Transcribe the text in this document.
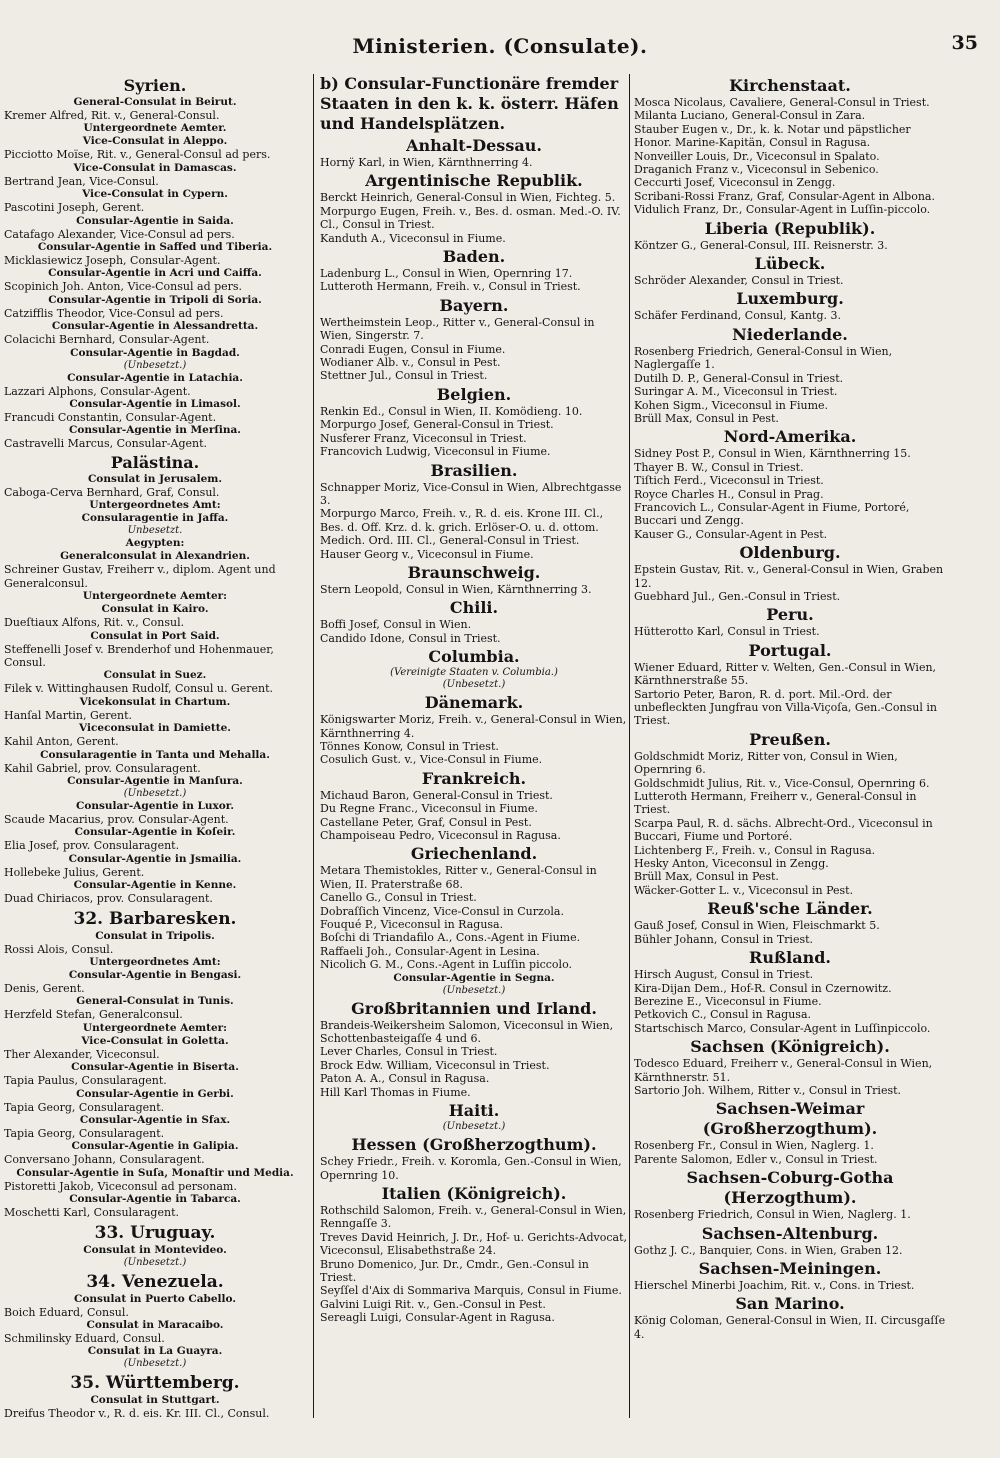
Ministerien. (Consulate).	35
Syrien.
General-Consulat in Beirut.
Kremer Alfred, Rit. v., General-Consul.
Untergeordnete Aemter.
Vice-Consulat in Aleppo.
Picciotto Moïse, Rit. v., General-Consul ad pers.
Vice-Consulat in Damascas.
Bertrand Jean, Vice-Consul.
Vice-Consulat in Cypern.
Pascotini Joseph, Gerent.
Consular-Agentie in Saida.
Catafago Alexander, Vice-Consul ad pers.
Consular-Agentie in Saffed und Tiberia.
Micklasiewicz Joseph, Consular-Agent.
Consular-Agentie in Acri und Caiffa.
Scopinich Joh. Anton, Vice-Consul ad pers.
Consular-Agentie in Tripoli di Soria.
Catzifflis Theodor, Vice-Consul ad pers.
Consular-Agentie in Alessandretta.
Colacichi Bernhard, Consular-Agent.
Consular-Agentie in Bagdad.
(Unbesetzt.)
Consular-Agentie in Latachia.
Lazzari Alphons, Consular-Agent.
Consular-Agentie in Limasol.
Francudi Constantin, Consular-Agent.
Consular-Agentie in Merſina.
Castravelli Marcus, Consular-Agent.
Palästina.
Consulat in Jerusalem.
Caboga-Cerva Bernhard, Graf, Consul.
Untergeordnetes Amt:
Consularagentie in Jaffa.
Unbesetzt.
Aegypten:
Generalconsulat in Alexandrien.
Schreiner Gustav, Freiherr v., diplom. Agent und Generalconsul.
Untergeordnete Aemter:
Consulat in Kairo.
Dueſtiaux Alfons, Rit. v., Consul.
Consulat in Port Said.
Steffenelli Josef v. Brenderhof und Hohenmauer, Consul.
Consulat in Suez.
Filek v. Wittinghausen Rudolf, Consul u. Gerent.
Vicekonsulat in Chartum.
Hanſal Martin, Gerent.
Viceconsulat in Damiette.
Kahil Anton, Gerent.
Consularagentie in Tanta und Mehalla.
Kahil Gabriel, prov. Consularagent.
Consular-Agentie in Manſura.
(Unbesetzt.)
Consular-Agentie in Luxor.
Scaude Macarius, prov. Consular-Agent.
Consular-Agentie in Koſeir.
Elia Josef, prov. Consularagent.
Consular-Agentie in Jsmailia.
Hollebeke Julius, Gerent.
Consular-Agentie in Kenne.
Duad Chiriacos, prov. Consularagent.
32. Barbaresken.
Consulat in Tripolis.
Rossi Alois, Consul.
Untergeordnetes Amt:
Consular-Agentie in Bengasi.
Denis, Gerent.
General-Consulat in Tunis.
Herzfeld Stefan, Generalconsul.
Untergeordnete Aemter:
Vice-Consulat in Goletta.
Ther Alexander, Viceconsul.
Consular-Agentie in Biserta.
Tapia Paulus, Consularagent.
Consular-Agentie in Gerbi.
Tapia Georg, Consularagent.
Consular-Agentie in Sfax.
Tapia Georg, Consularagent.
Consular-Agentie in Galipia.
Conversano Johann, Consularagent.
Consular-Agentie in Suſa, Monaſtir und Media.
Pistoretti Jakob, Viceconsul ad personam.
Consular-Agentie in Tabarca.
Moschetti Karl, Consularagent.
33. Uruguay.
Consulat in Montevideo.
(Unbesetzt.)
34. Venezuela.
Consulat in Puerto Cabello.
Boich Eduard, Consul.
Consulat in Maracaibo.
Schmilinsky Eduard, Consul.
Consulat in La Guayra.
(Unbesetzt.)
35. Württemberg.
Consulat in Stuttgart.
Dreifus Theodor v., R. d. eis. Kr. III. Cl., Consul.
b) Consular-Functionäre fremder Staaten in den k. k. österr. Häfen und Handelsplätzen.
Anhalt-Dessau.
Hornÿ Karl, in Wien, Kärnthnerring 4.
Argentinische Republik.
Berckt Heinrich, General-Consul in Wien, Fichteg. 5.
Morpurgo Eugen, Freih. v., Bes. d. osman. Med.-O. IV. Cl., Consul in Triest.
Kanduth A., Viceconsul in Fiume.
Baden.
Ladenburg L., Consul in Wien, Opernring 17.
Lutteroth Hermann, Freih. v., Consul in Triest.
Bayern.
Wertheimstein Leop., Ritter v., General-Consul in Wien, Singerstr. 7.
Conradi Eugen, Consul in Fiume.
Wodianer Alb. v., Consul in Pest.
Stettner Jul., Consul in Triest.
Belgien.
Renkin Ed., Consul in Wien, II. Komödieng. 10.
Morpurgo Josef, General-Consul in Triest.
Nusferer Franz, Viceconsul in Triest.
Francovich Ludwig, Viceconsul in Fiume.
Brasilien.
Schnapper Moriz, Vice-Consul in Wien, Albrechtgasse 3.
Morpurgo Marco, Freih. v., R. d. eis. Krone III. Cl., Bes. d. Off. Krz. d. k. grich. Erlöser-O. u. d. ottom. Medich. Ord. III. Cl., General-Consul in Triest.
Hauser Georg v., Viceconsul in Fiume.
Braunschweig.
Stern Leopold, Consul in Wien, Kärnthnerring 3.
Chili.
Boffi Josef, Consul in Wien.
Candido Idone, Consul in Triest.
Columbia.
(Vereinigte Staaten v. Columbia.)
(Unbesetzt.)
Dänemark.
Königswarter Moriz, Freih. v., General-Consul in Wien, Kärnthnerring 4.
Tönnes Konow, Consul in Triest.
Cosulich Gust. v., Vice-Consul in Fiume.
Frankreich.
Michaud Baron, General-Consul in Triest.
Du Regne Franc., Viceconsul in Fiume.
Castellane Peter, Graf, Consul in Pest.
Champoiseau Pedro, Viceconsul in Ragusa.
Griechenland.
Metara Themistokles, Ritter v., General-Consul in Wien, II. Praterstraße 68.
Canello G., Consul in Triest.
Dobraſſich Vincenz, Vice-Consul in Curzola.
Fouqué P., Viceconsul in Ragusa.
Boſchi di Triandafilo A., Cons.-Agent in Fiume.
Raffaeli Joh., Consular-Agent in Lesina.
Nicolich G. M., Cons.-Agent in Luſſin piccolo.
Consular-Agentie in Segna.
(Unbesetzt.)
Großbritannien und Irland.
Brandeis-Weikersheim Salomon, Viceconsul in Wien, Schottenbasteigaſſe 4 und 6.
Lever Charles, Consul in Triest.
Brock Edw. William, Viceconsul in Triest.
Paton A. A., Consul in Ragusa.
Hill Karl Thomas in Fiume.
Haiti.
(Unbesetzt.)
Hessen (Großherzogthum).
Schey Friedr., Freih. v. Koromla, Gen.-Consul in Wien, Opernring 10.
Italien (Königreich).
Rothschild Salomon, Freih. v., General-Consul in Wien, Renngaſſe 3.
Treves David Heinrich, J. Dr., Hof- u. Gerichts-Advocat, Viceconsul, Elisabethstraße 24.
Bruno Domenico, Jur. Dr., Cmdr., Gen.-Consul in Triest.
Seyſſel d'Aix di Sommariva Marquis, Consul in Fiume.
Galvini Luigi Rit. v., Gen.-Consul in Pest.
Sereagli Luigi, Consular-Agent in Ragusa.
Kirchenstaat.
Mosca Nicolaus, Cavaliere, General-Consul in Triest.
Milanta Luciano, General-Consul in Zara.
Stauber Eugen v., Dr., k. k. Notar und päpstlicher Honor. Marine-Kapitän, Consul in Ragusa.
Nonveiller Louis, Dr., Viceconsul in Spalato.
Draganich Franz v., Viceconsul in Sebenico.
Ceccurti Josef, Viceconsul in Zengg.
Scribani-Rossi Franz, Graf, Consular-Agent in Albona.
Vidulich Franz, Dr., Consular-Agent in Luſſin-piccolo.
Liberia (Republik).
Köntzer G., General-Consul, III. Reisnerstr. 3.
Lübeck.
Schröder Alexander, Consul in Triest.
Luxemburg.
Schäfer Ferdinand, Consul, Kantg. 3.
Niederlande.
Rosenberg Friedrich, General-Consul in Wien, Naglergaſſe 1.
Dutilh D. P., General-Consul in Triest.
Suringar A. M., Viceconsul in Triest.
Kohen Sigm., Viceconsul in Fiume.
Brüll Max, Consul in Pest.
Nord-Amerika.
Sidney Post P., Consul in Wien, Kärnthnerring 15.
Thayer B. W., Consul in Triest.
Tiſtich Ferd., Viceconsul in Triest.
Royce Charles H., Consul in Prag.
Francovich L., Consular-Agent in Fiume, Portoré, Buccari und Zengg.
Kauser G., Consular-Agent in Pest.
Oldenburg.
Epstein Gustav, Rit. v., General-Consul in Wien, Graben 12.
Guebhard Jul., Gen.-Consul in Triest.
Peru.
Hütterotto Karl, Consul in Triest.
Portugal.
Wiener Eduard, Ritter v. Welten, Gen.-Consul in Wien, Kärnthnerstraße 55.
Sartorio Peter, Baron, R. d. port. Mil.-Ord. der unbefleckten Jungfrau von Villa-Viçoſa, Gen.-Consul in Triest.
Preußen.
Goldschmidt Moriz, Ritter von, Consul in Wien, Opernring 6.
Goldschmidt Julius, Rit. v., Vice-Consul, Opernring 6.
Lutteroth Hermann, Freiherr v., General-Consul in Triest.
Scarpa Paul, R. d. sächs. Albrecht-Ord., Viceconsul in Buccari, Fiume und Portoré.
Lichtenberg F., Freih. v., Consul in Ragusa.
Hesky Anton, Viceconsul in Zengg.
Brüll Max, Consul in Pest.
Wäcker-Gotter L. v., Viceconsul in Pest.
Reuß'sche Länder.
Gauß Josef, Consul in Wien, Fleischmarkt 5.
Bühler Johann, Consul in Triest.
Rußland.
Hirsch August, Consul in Triest.
Kira-Dijan Dem., Hof-R. Consul in Czernowitz.
Berezine E., Viceconsul in Fiume.
Petkovich C., Consul in Ragusa.
Startschisch Marco, Consular-Agent in Luſſinpiccolo.
Sachsen (Königreich).
Todesco Eduard, Freiherr v., General-Consul in Wien, Kärnthnerstr. 51.
Sartorio Joh. Wilhem, Ritter v., Consul in Triest.
Sachsen-Weimar (Großherzogthum).
Rosenberg Fr., Consul in Wien, Naglerg. 1.
Parente Salomon, Edler v., Consul in Triest.
Sachsen-Coburg-Gotha (Herzogthum).
Rosenberg Friedrich, Consul in Wien, Naglerg. 1.
Sachsen-Altenburg.
Gothz J. C., Banquier, Cons. in Wien, Graben 12.
Sachsen-Meiningen.
Hierschel Minerbi Joachim, Rit. v., Cons. in Triest.
San Marino.
König Coloman, General-Consul in Wien, II. Circusgaſſe 4.
